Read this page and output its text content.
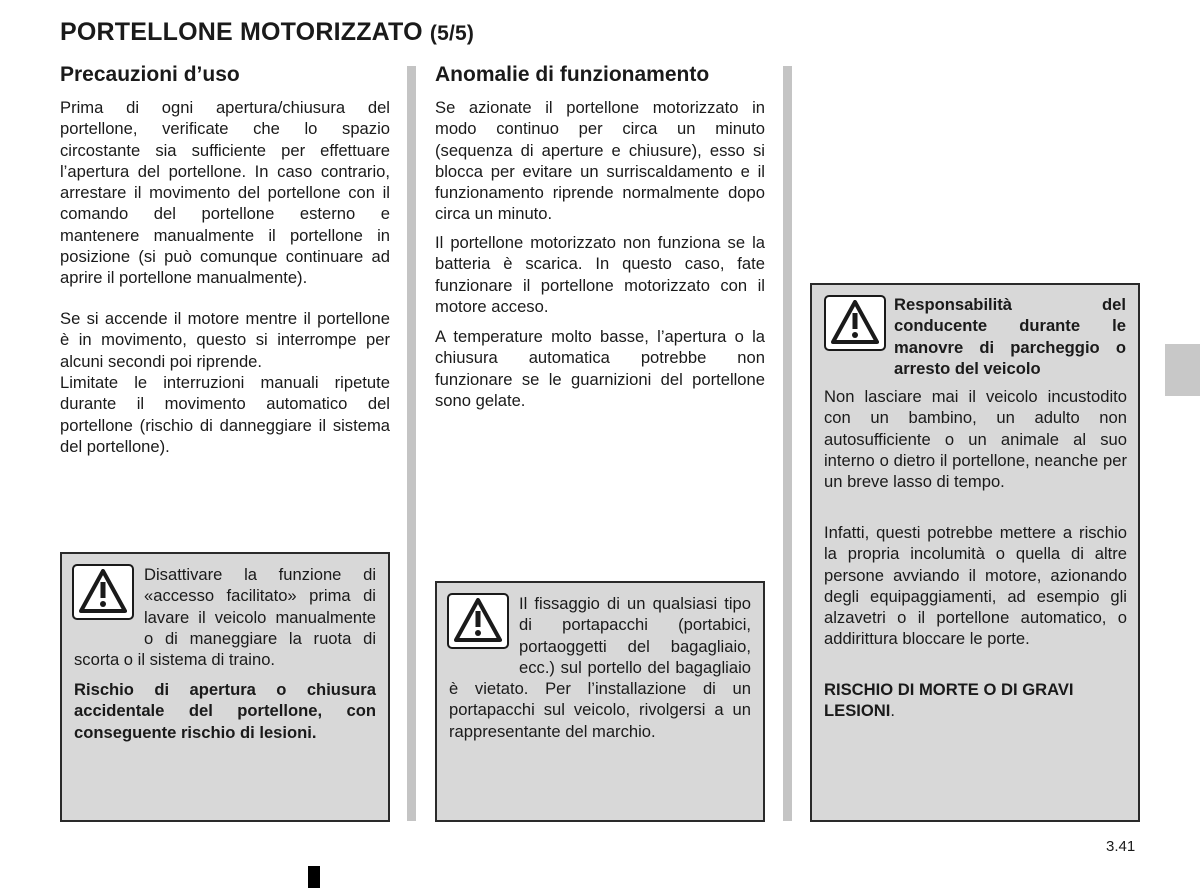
PORTELLONE MOTORIZZATO (5/5)
Precauzioni d’uso

Prima di ogni apertura/chiusura del portellone, verificate che lo spazio circostante sia sufficiente per effettuare l’apertura del portellone. In caso contrario, arrestare il movimento del portellone con il comando del portellone esterno e mantenere manualmente il portellone in posizione (si può comunque continuare ad aprire il portellone manualmente).

Se si accende il motore mentre il portellone è in movimento, questo si interrompe per alcuni secondi poi riprende.

Limitate le interruzioni manuali ripetute durante il movimento automatico del portellone (rischio di danneggiare il sistema del portellone).

Disattivare la funzione di «accesso facilitato» prima di lavare il veicolo manualmente o di maneggiare la ruota di scorta o il sistema di traino.

Rischio di apertura o chiusura accidentale del portellone, con conseguente rischio di lesioni.

Anomalie di funzionamento

Se azionate il portellone motorizzato in modo continuo per circa un minuto (sequenza di aperture e chiusure), esso si blocca per evitare un surriscaldamento e il funzionamento riprende normalmente dopo circa un minuto.

Il portellone motorizzato non funziona se la batteria è scarica. In questo caso, fate funzionare il portellone motorizzato con il motore acceso.

A temperature molto basse, l’apertura o la chiusura automatica potrebbe non funzionare se le guarnizioni del portellone sono gelate.

Il fissaggio di un qualsiasi tipo di portapacchi (portabici, portaoggetti del bagagliaio, ecc.) sul portello del bagagliaio è vietato. Per l’installazione di un portapacchi sul veicolo, rivolgersi a un rappresentante del marchio.

Responsabilità del conducente durante le manovre di parcheggio o arresto del veicolo

Non lasciare mai il veicolo incustodito con un bambino, un adulto non autosufficiente o un animale al suo interno o dietro il portellone, neanche per un breve lasso di tempo.

Infatti, questi potrebbe mettere a rischio la propria incolumità o quella di altre persone avviando il motore, azionando degli equipaggiamenti, ad esempio gli alzavetri o il portellone automatico, o addirittura bloccare le porte.

RISCHIO DI MORTE O DI GRAVI LESIONI.

3.41
